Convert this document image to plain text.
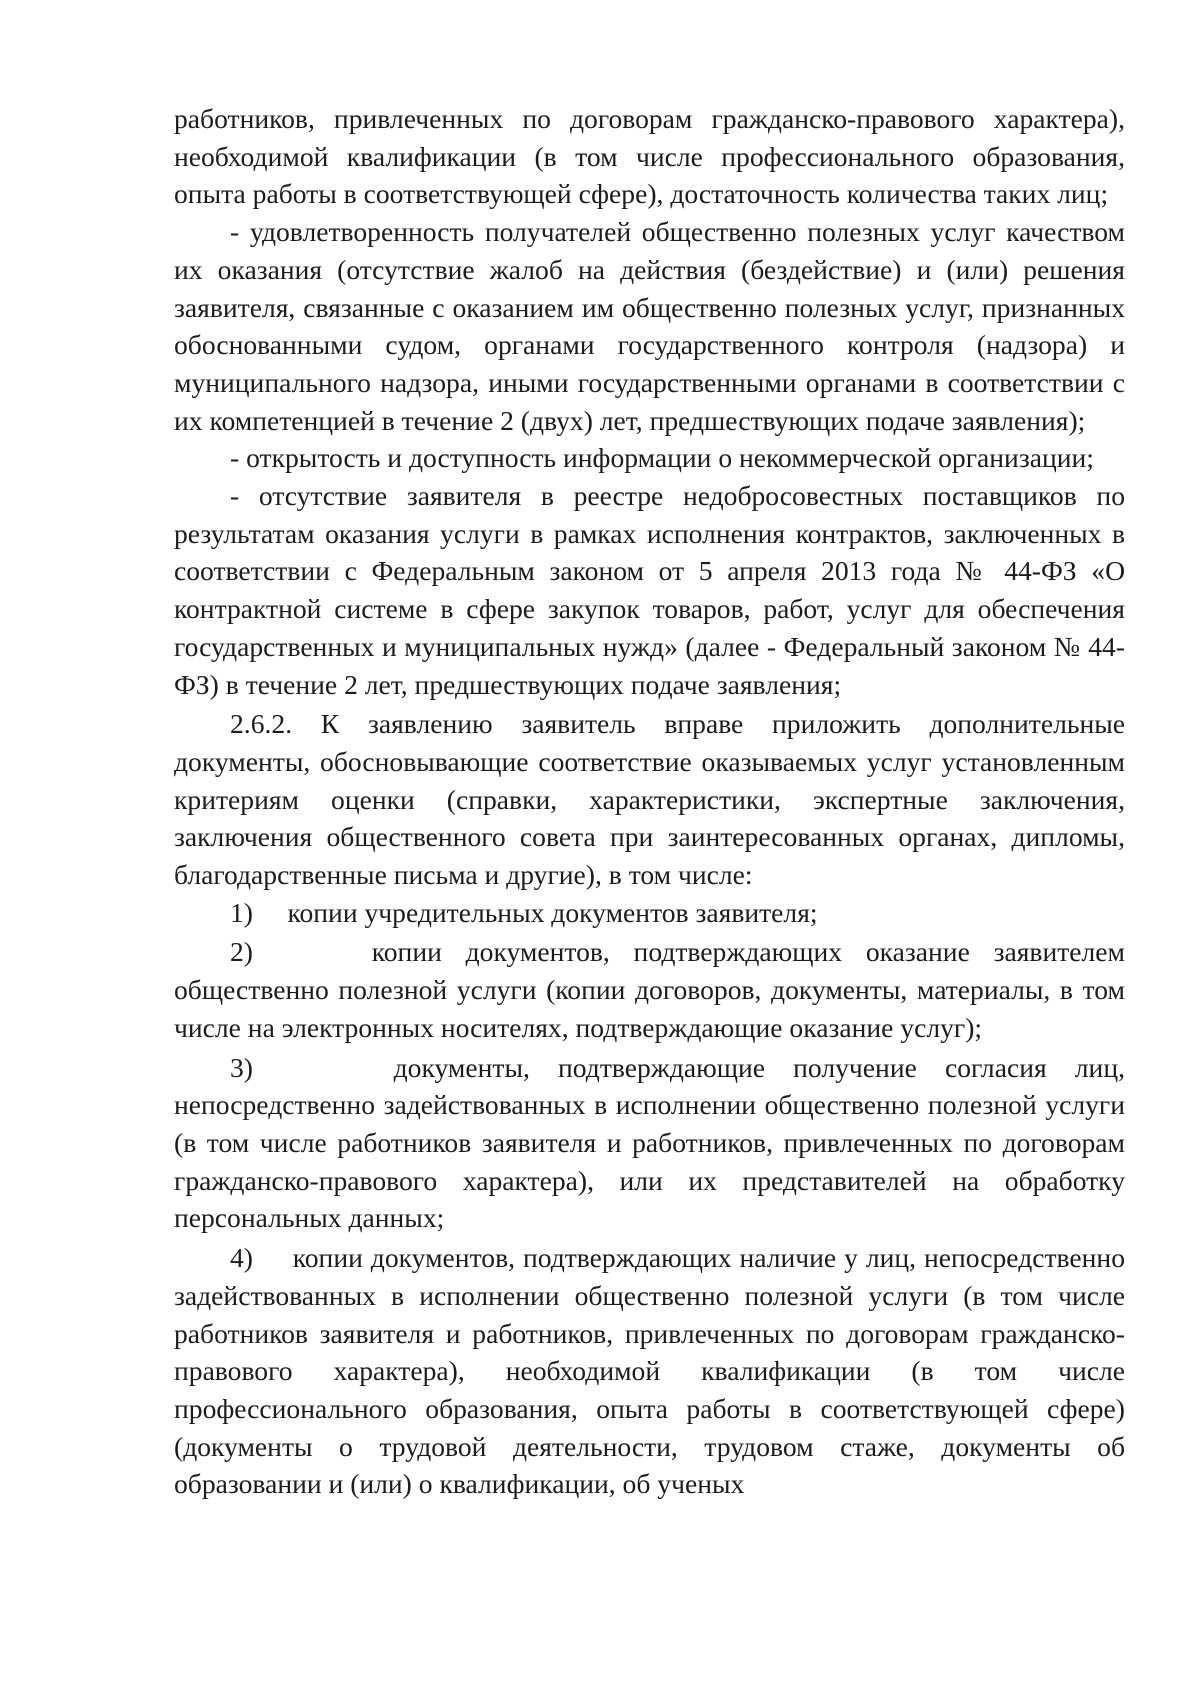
работников, привлеченных по договорам гражданско-правового характера), необходимой квалификации (в том числе профессионального образования, опыта работы в соответствующей сфере), достаточность количества таких лиц;

- удовлетворенность получателей общественно полезных услуг качеством их оказания (отсутствие жалоб на действия (бездействие) и (или) решения заявителя, связанные с оказанием им общественно полезных услуг, признанных обоснованными судом, органами государственного контроля (надзора) и муниципального надзора, иными государственными органами в соответствии с их компетенцией в течение 2 (двух) лет, предшествующих подаче заявления);

- открытость и доступность информации о некоммерческой организации;

- отсутствие заявителя в реестре недобросовестных поставщиков по результатам оказания услуги в рамках исполнения контрактов, заключенных в соответствии с Федеральным законом от 5 апреля 2013 года № 44-ФЗ «О контрактной системе в сфере закупок товаров, работ, услуг для обеспечения государственных и муниципальных нужд» (далее - Федеральный законом № 44-ФЗ) в течение 2 лет, предшествующих подаче заявления;

2.6.2. К заявлению заявитель вправе приложить дополнительные документы, обосновывающие соответствие оказываемых услуг установленным критериям оценки (справки, характеристики, экспертные заключения, заключения общественного совета при заинтересованных органах, дипломы, благодарственные письма и другие), в том числе:

1)     копии учредительных документов заявителя;

2)     копии документов, подтверждающих оказание заявителем общественно полезной услуги (копии договоров, документы, материалы, в том числе на электронных носителях, подтверждающие оказание услуг);

3)     документы, подтверждающие получение согласия лиц, непосредственно задействованных в исполнении общественно полезной услуги (в том числе работников заявителя и работников, привлеченных по договорам гражданско-правового характера), или их представителей на обработку персональных данных;

4)     копии документов, подтверждающих наличие у лиц, непосредственно задействованных в исполнении общественно полезной услуги (в том числе работников заявителя и работников, привлеченных по договорам гражданско-правового характера), необходимой квалификации (в том числе профессионального образования, опыта работы в соответствующей сфере) (документы о трудовой деятельности, трудовом стаже, документы об образовании и (или) о квалификации, об ученых
